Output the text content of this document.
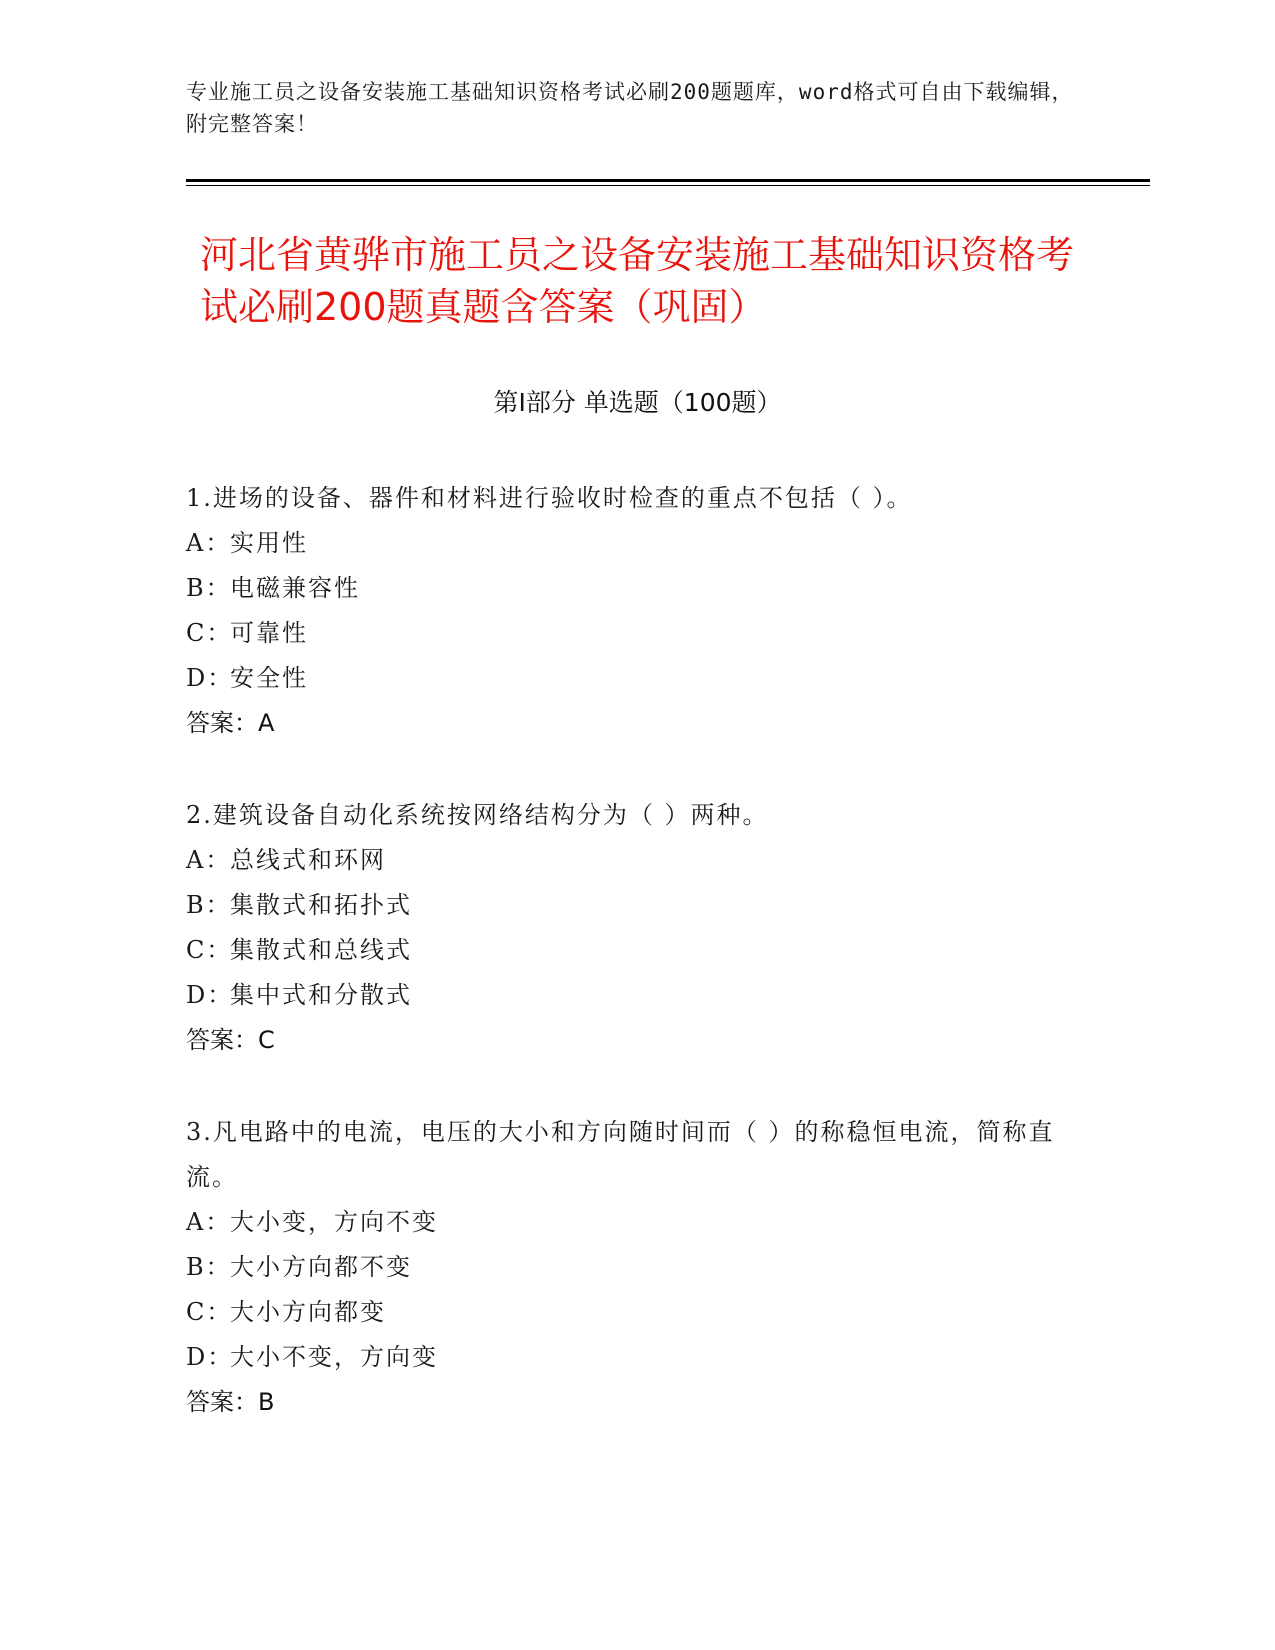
专业施工员之设备安装施工基础知识资格考试必刷200题题库，word格式可自由下载编辑，附完整答案！
河北省黄骅市施工员之设备安装施工基础知识资格考试必刷200题真题含答案（巩固）
第Ⅰ部分 单选题（100题）
1.进场的设备、器件和材料进行验收时检查的重点不包括（ ）。
A：实用性
B：电磁兼容性
C：可靠性
D：安全性
答案：A
2.建筑设备自动化系统按网络结构分为（ ）两种。
A：总线式和环网
B：集散式和拓扑式
C：集散式和总线式
D：集中式和分散式
答案：C
3.凡电路中的电流，电压的大小和方向随时间而（ ）的称稳恒电流，简称直流。
A：大小变，方向不变
B：大小方向都不变
C：大小方向都变
D：大小不变，方向变
答案：B
